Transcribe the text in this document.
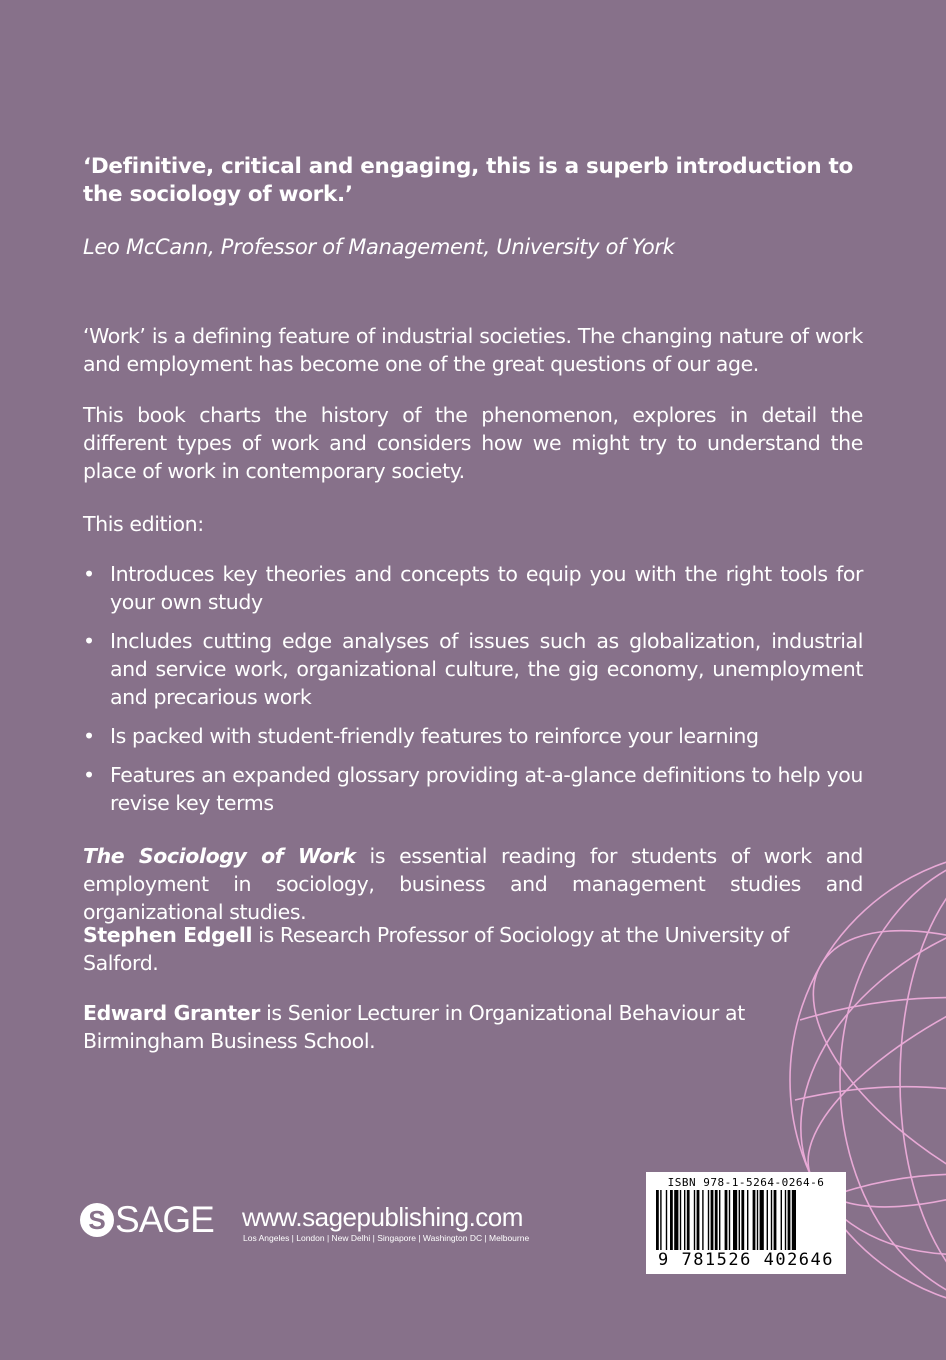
‘Definitive, critical and engaging, this is a superb introduction to the sociology of work.’
Leo McCann, Professor of Management, University of York

‘Work’ is a defining feature of industrial societies. The changing nature of work and employment has become one of the great questions of our age.

This book charts the history of the phenomenon, explores in detail the different types of work and considers how we might try to understand the place of work in contemporary society.

This edition:
• Introduces key theories and concepts to equip you with the right tools for your own study
• Includes cutting edge analyses of issues such as globalization, industrial and service work, organizational culture, the gig economy, unemployment and precarious work
• Is packed with student-friendly features to reinforce your learning
• Features an expanded glossary providing at-a-glance definitions to help you revise key terms
The Sociology of Work is essential reading for students of work and employment in sociology, business and management studies and organizational studies.
Stephen Edgell is Research Professor of Sociology at the University of Salford.
Edward Granter is Senior Lecturer in Organizational Behaviour at Birmingham Business School.
S SAGE www.sagepublishing.com
Los Angeles | London | New Delhi | Singapore | Washington DC | Melbourne
ISBN 978-1-5264-0264-6
9 781526 402646
